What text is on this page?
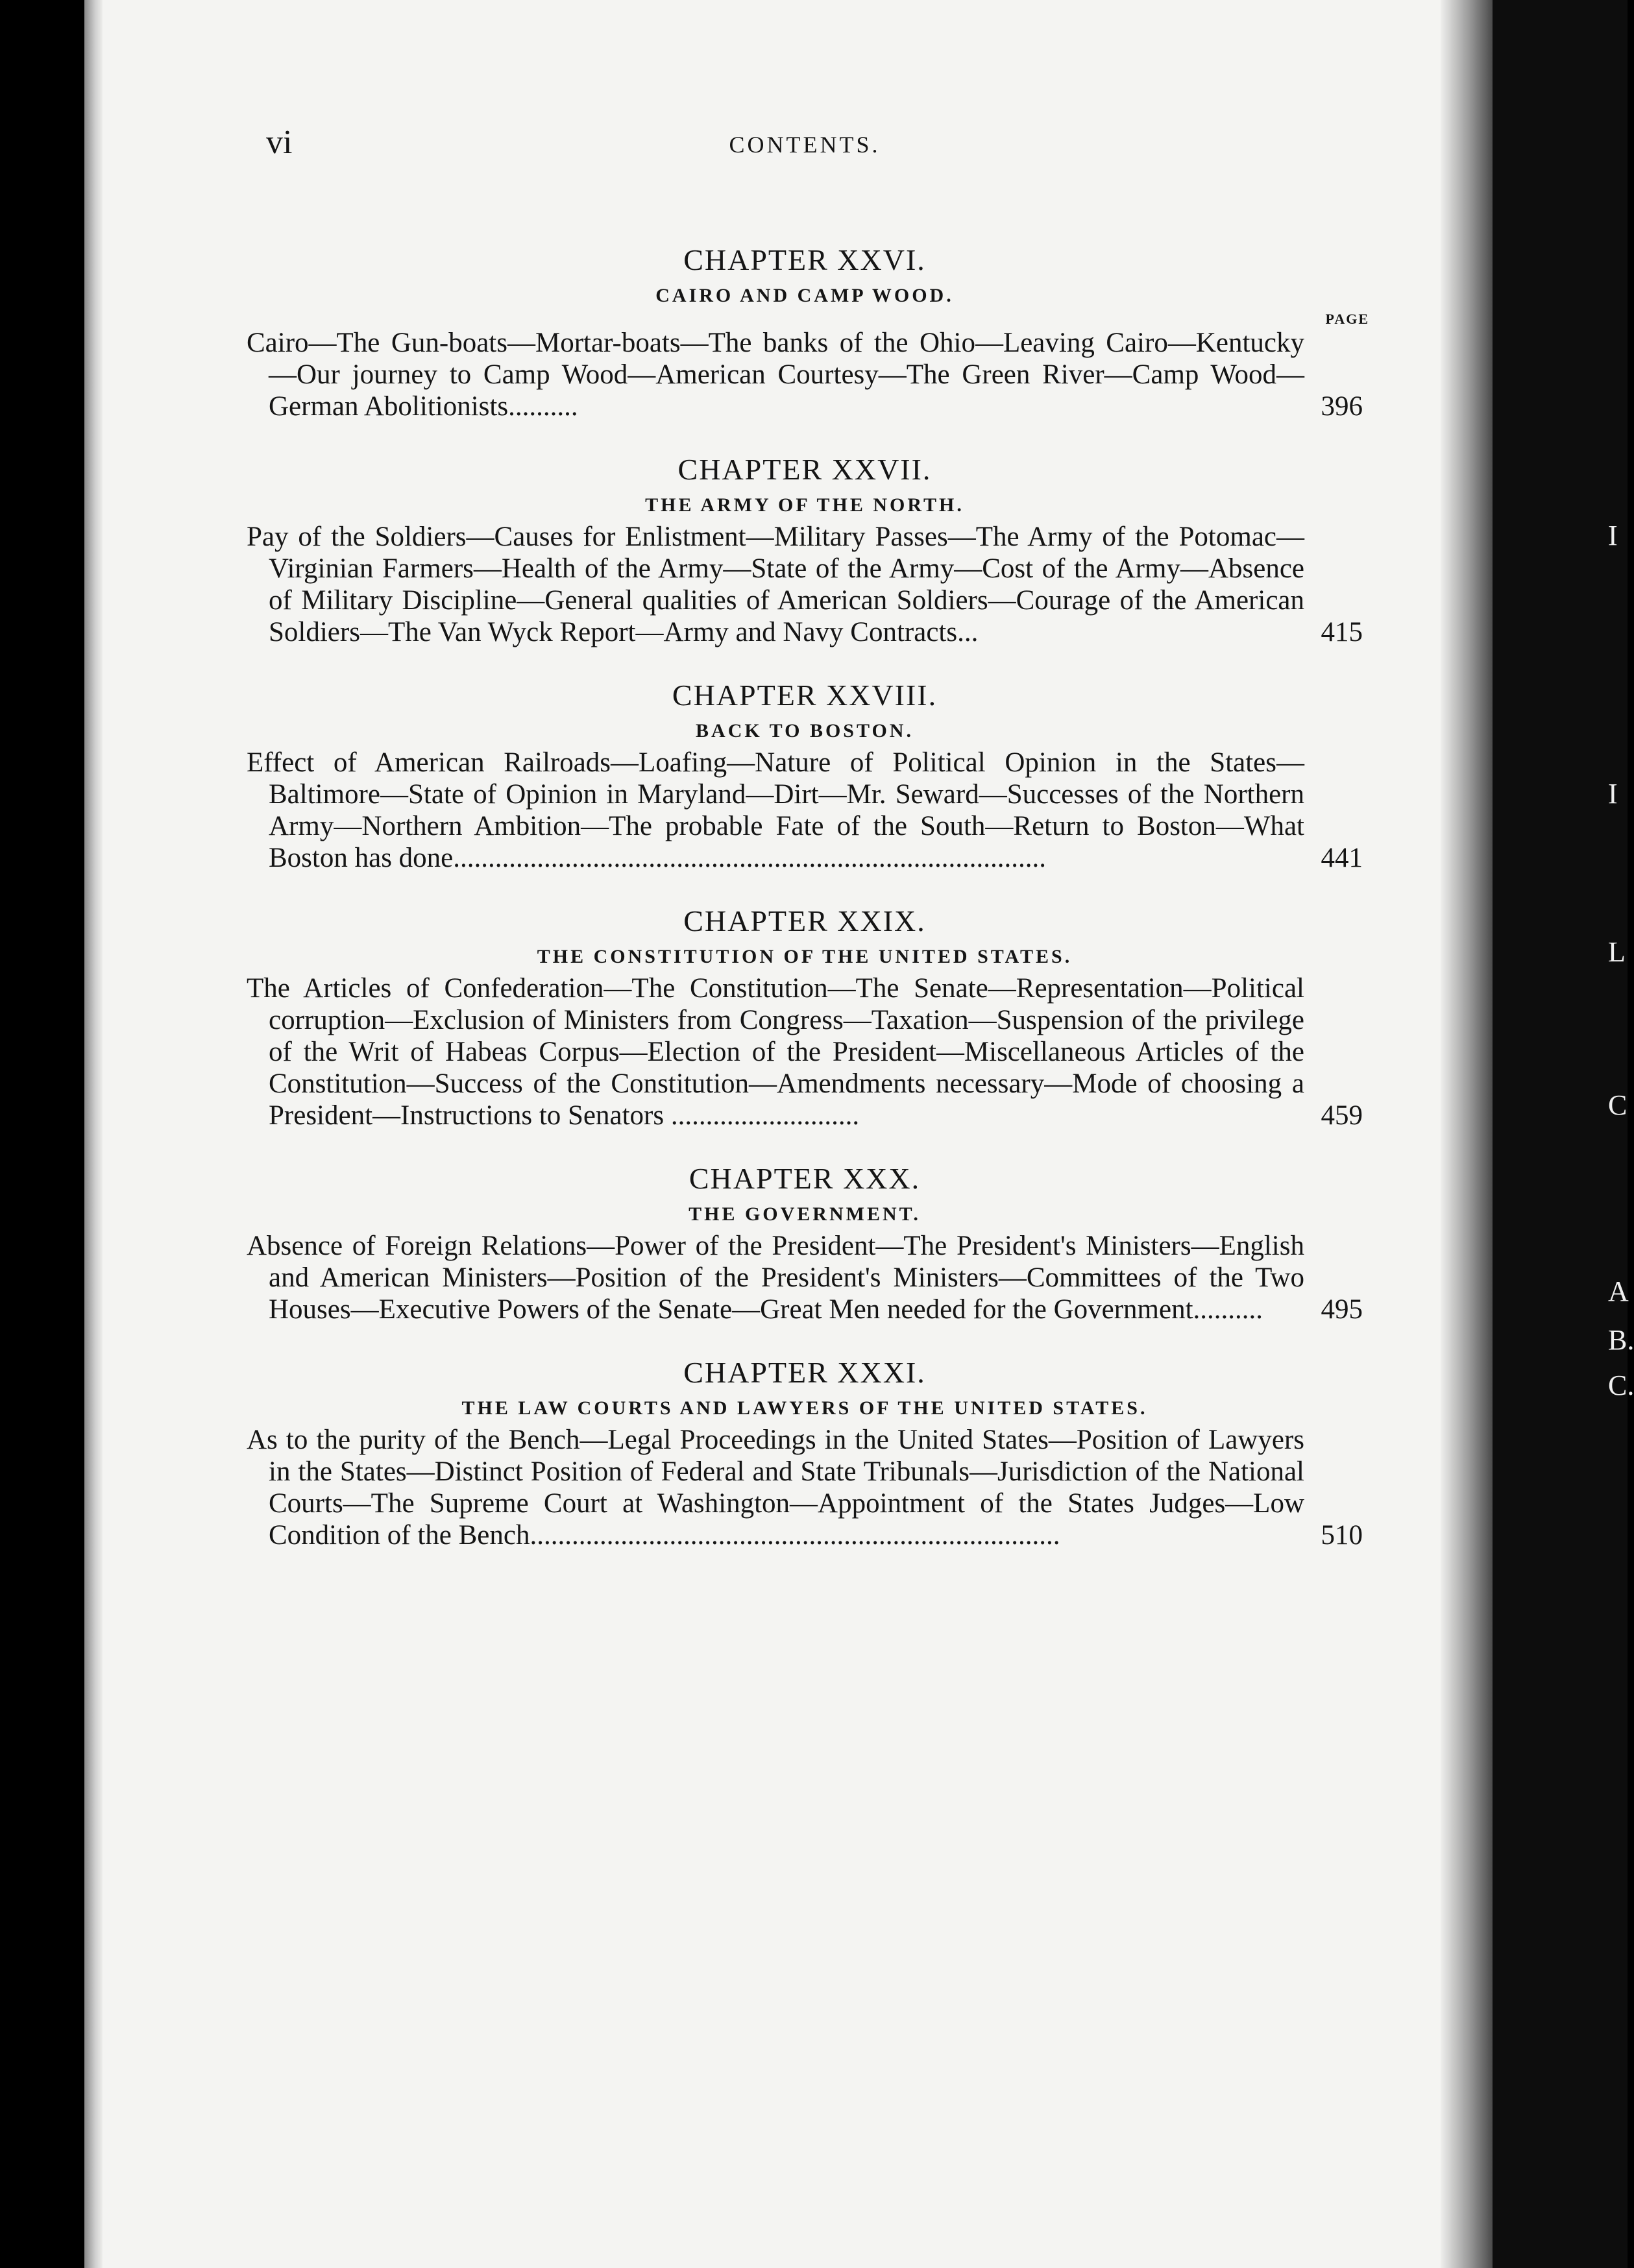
I
I
L
C
A
B.
C.
vi	CONTENTS.

CHAPTER XXVI.

CAIRO AND CAMP WOOD.

PAGE

Cairo—The Gun-boats—Mortar-boats—The banks of the Ohio—Leaving Cairo—Kentucky—Our journey to Camp Wood—American Courtesy—The Green River—Camp Wood—German Abolitionists..........	396

CHAPTER XXVII.

THE ARMY OF THE NORTH.

Pay of the Soldiers—Causes for Enlistment—Military Passes—The Army of the Potomac—Virginian Farmers—Health of the Army—State of the Army—Cost of the Army—Absence of Military Discipline—General qualities of American Soldiers—Courage of the American Soldiers—The Van Wyck Report—Army and Navy Contracts...	415

CHAPTER XXVIII.

BACK TO BOSTON.

Effect of American Railroads—Loafing—Nature of Political Opinion in the States—Baltimore—State of Opinion in Maryland—Dirt—Mr. Seward—Successes of the Northern Army—Northern Ambition—The probable Fate of the South—Return to Boston—What Boston has done.....................................................................................	441

CHAPTER XXIX.

THE CONSTITUTION OF THE UNITED STATES.

The Articles of Confederation—The Constitution—The Senate—Representation—Political corruption—Exclusion of Ministers from Congress—Taxation—Suspension of the privilege of the Writ of Habeas Corpus—Election of the President—Miscellaneous Articles of the Constitution—Success of the Constitution—Amendments necessary—Mode of choosing a President—Instructions to Senators ...........................	459

CHAPTER XXX.

THE GOVERNMENT.

Absence of Foreign Relations—Power of the President—The President's Ministers—English and American Ministers—Position of the President's Ministers—Committees of the Two Houses—Executive Powers of the Senate—Great Men needed for the Government..........	495

CHAPTER XXXI.

THE LAW COURTS AND LAWYERS OF THE UNITED STATES.

As to the purity of the Bench—Legal Proceedings in the United States—Position of Lawyers in the States—Distinct Position of Federal and State Tribunals—Jurisdiction of the National Courts—The Supreme Court at Washington—Appointment of the States Judges—Low Condition of the Bench............................................................................	510
